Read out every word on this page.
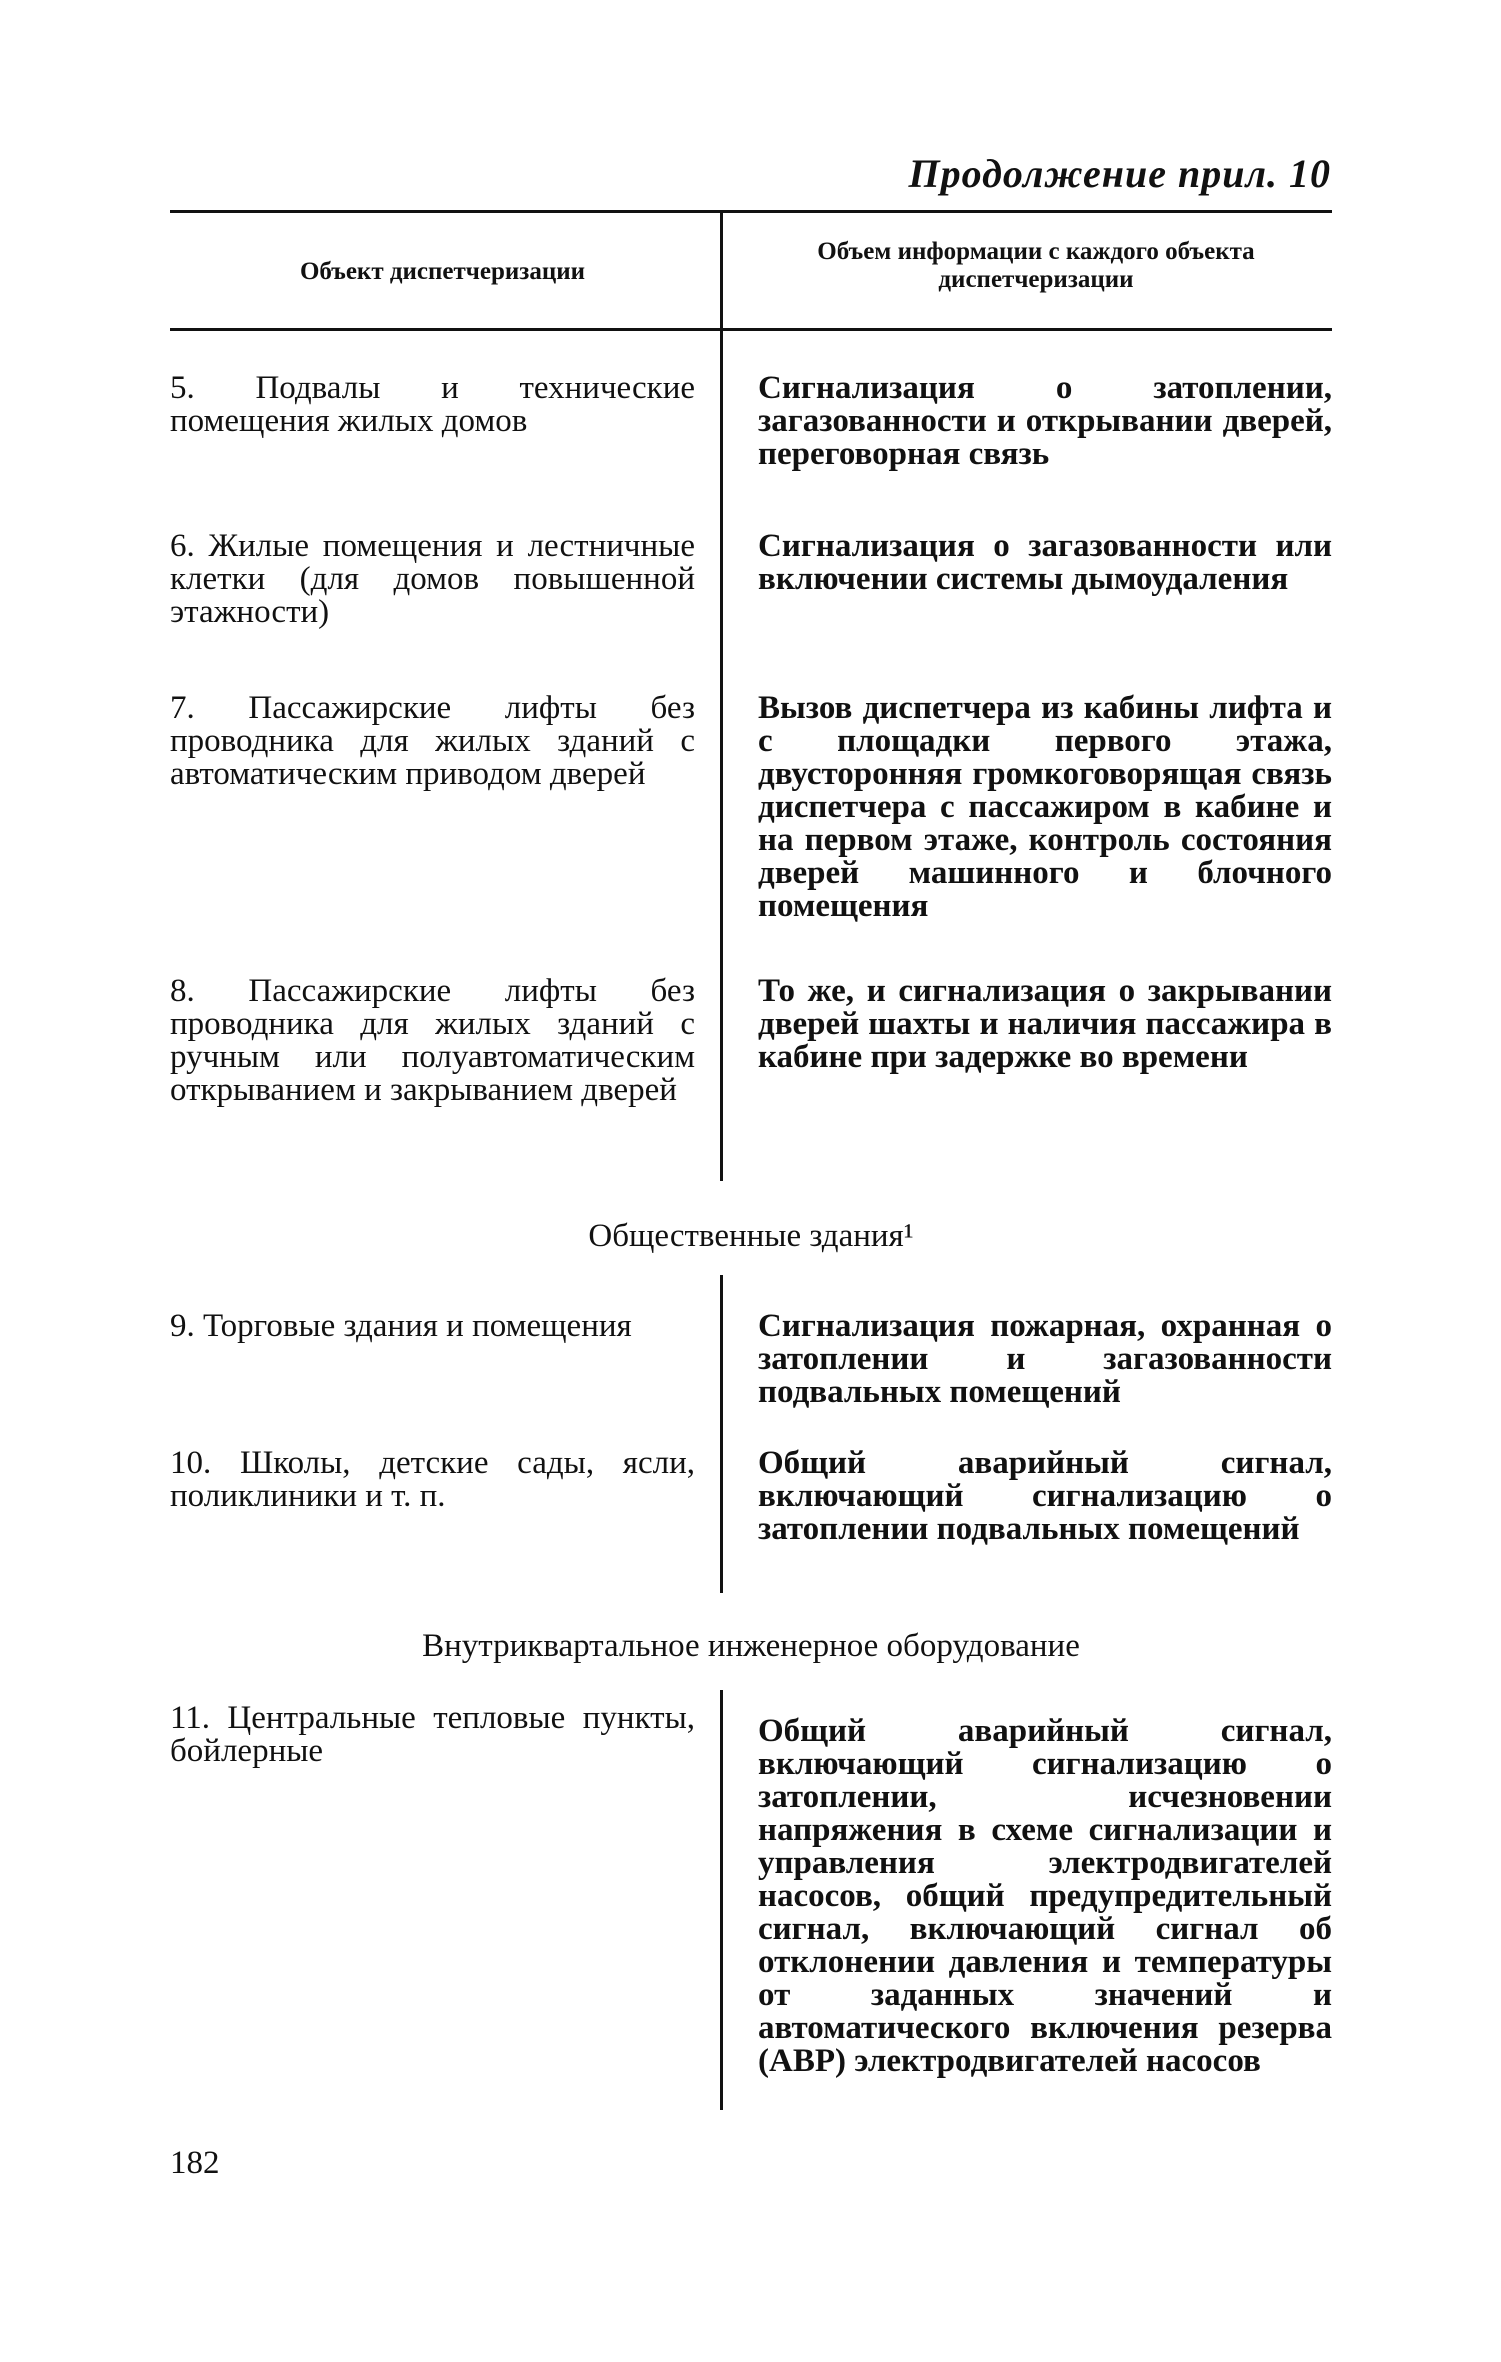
Продолжение прил. 10
Объект диспетчеризации
Объем информации с каждого объекта диспетчеризации
5. Подвалы и технические помещения жилых домов
Сигнализация о затоплении, загазованности и открывании дверей, переговорная связь
6. Жилые помещения и лестничные клетки (для домов повышенной этажности)
Сигнализация о загазованности или включении системы дымоудаления
7. Пассажирские лифты без проводника для жилых зданий с автоматическим приводом дверей
Вызов диспетчера из кабины лифта и с площадки первого этажа, двусторонняя громкоговорящая связь диспетчера с пассажиром в кабине и на первом этаже, контроль состояния дверей машинного и блочного помещения
8. Пассажирские лифты без проводника для жилых зданий с ручным или полуавтоматическим открыванием и закрыванием дверей
То же, и сигнализация о закрывании дверей шахты и наличия пассажира в кабине при задержке во времени
Общественные здания¹
9. Торговые здания и помещения	Сигнализация пожарная, охранная о затоплении и загазованности подвальных помещений
10. Школы, детские сады, ясли, поликлиники и т. п.
Общий аварийный сигнал, включающий сигнализацию о затоплении подвальных помещений
Внутриквартальное инженерное оборудование
11. Центральные тепловые пункты, бойлерные
Общий аварийный сигнал, включающий сигнализацию о затоплении, исчезновении напряжения в схеме сигнализации и управления электродвигателей насосов, общий предупредительный сигнал, включающий сигнал об отклонении давления и температуры от заданных значений и автоматического включения резерва (АВР) электродвигателей насосов
182
